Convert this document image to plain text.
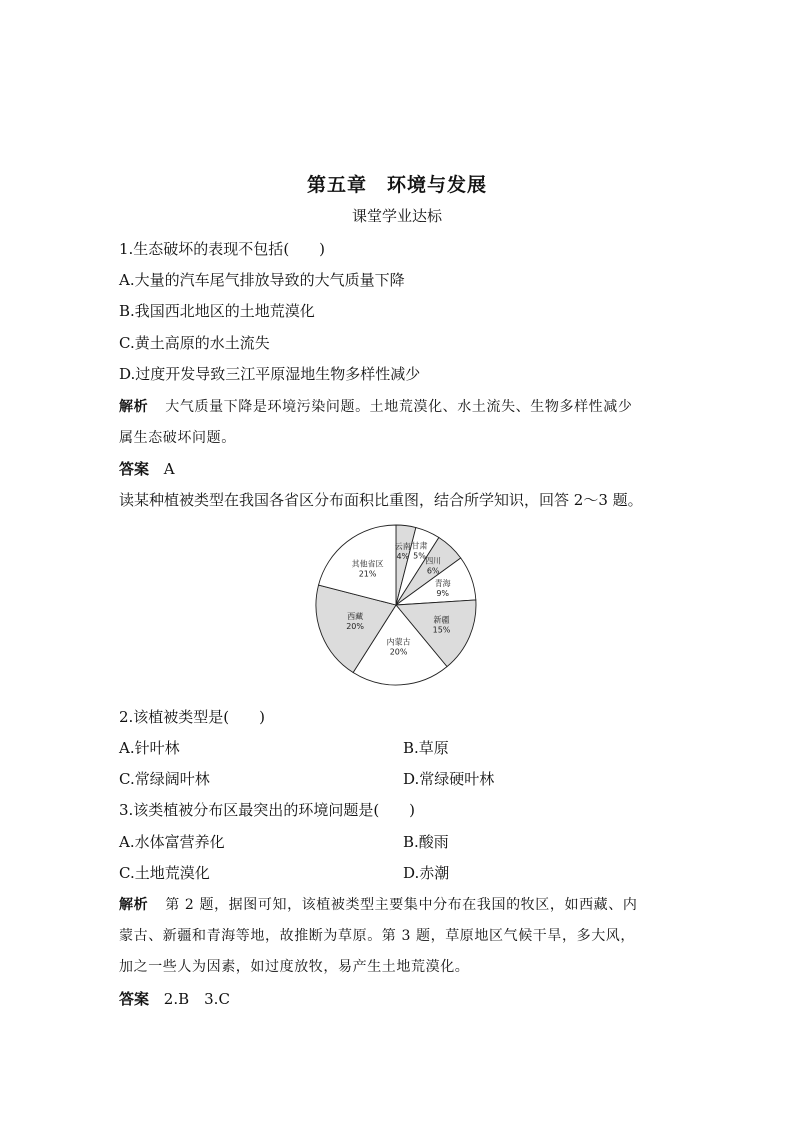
第五章　环境与发展
课堂学业达标
1.生态破坏的表现不包括(　　)
A.大量的汽车尾气排放导致的大气质量下降
B.我国西北地区的土地荒漠化
C.黄土高原的水土流失
D.过度开发导致三江平原湿地生物多样性减少
解析 大气质量下降是环境污染问题。土地荒漠化、水土流失、生物多样性减少
属生态破坏问题。
答案 A
读某种植被类型在我国各省区分布面积比重图，结合所学知识，回答 2～3 题。
云南
4%
甘肃
5%
四川
6%
青海
9%
新疆
15%
内蒙古
20%
西藏
20%
其他省区
21%
2.该植被类型是(　　)
A.针叶林	B.草原
C.常绿阔叶林	D.常绿硬叶林
3.该类植被分布区最突出的环境问题是(　　)
A.水体富营养化	B.酸雨
C.土地荒漠化	D.赤潮
解析 第 2 题，据图可知，该植被类型主要集中分布在我国的牧区，如西藏、内
蒙古、新疆和青海等地，故推断为草原。第 3 题，草原地区气候干旱，多大风，
加之一些人为因素，如过度放牧，易产生土地荒漠化。
答案 2.B　3.C
